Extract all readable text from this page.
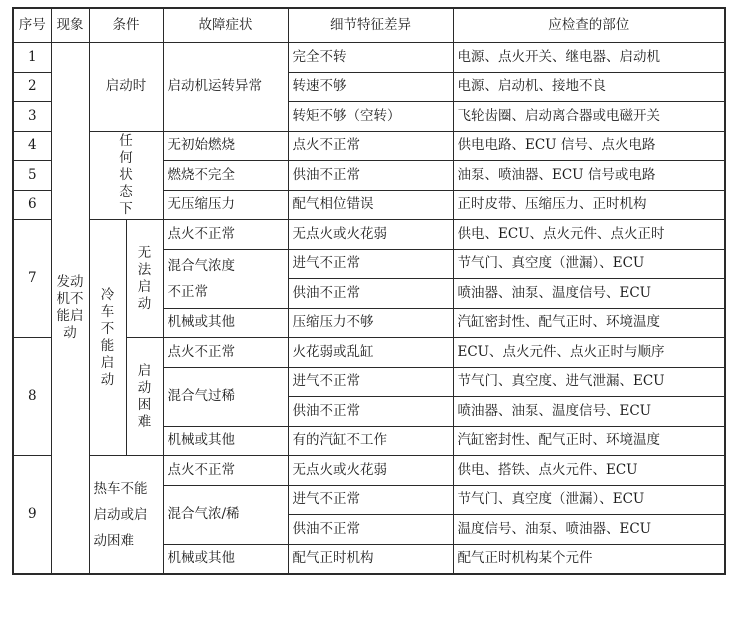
序号	现象	条件		故障症状	细节特征差异	应检查的部位
1	发动机不能启动	启动时		启动机运转异常	完全不转	电源、点火开关、继电器、启动机
2					转速不够	电源、启动机、接地不良
3					转矩不够（空转）	飞轮齿圈、启动离合器或电磁开关
4		任何状态下		无初始燃烧	点火不正常	供电电路、ECU 信号、点火电路
5				燃烧不完全	供油不正常	油泵、喷油器、ECU 信号或电路
6				无压缩压力	配气相位错误	正时皮带、压缩压力、正时机构
7		冷车不能启动	无法启动	点火不正常	无点火或火花弱	供电、ECU、点火元件、点火正时

				混合气浓度不正常	进气不正常	节气门、真空度（泄漏）、ECU
					供油不正常	喷油器、油泵、温度信号、ECU
				机械或其他	压缩压力不够	汽缸密封性、配气正时、环境温度
8			启动困难	点火不正常	火花弱或乱缸	ECU、点火元件、点火正时与顺序
				混合气过稀	进气不正常	节气门、真空度、进气泄漏、ECU
					供油不正常	喷油器、油泵、温度信号、ECU
				机械或其他	有的汽缸不工作	汽缸密封性、配气正时、环境温度
9		热车不能启动或启动困难		点火不正常	无点火或火花弱	供电、搭铁、点火元件、ECU
				混合气浓/稀	进气不正常	节气门、真空度（泄漏）、ECU
					供油不正常	温度信号、油泵、喷油器、ECU
				机械或其他	配气正时机构	配气正时机构某个元件
